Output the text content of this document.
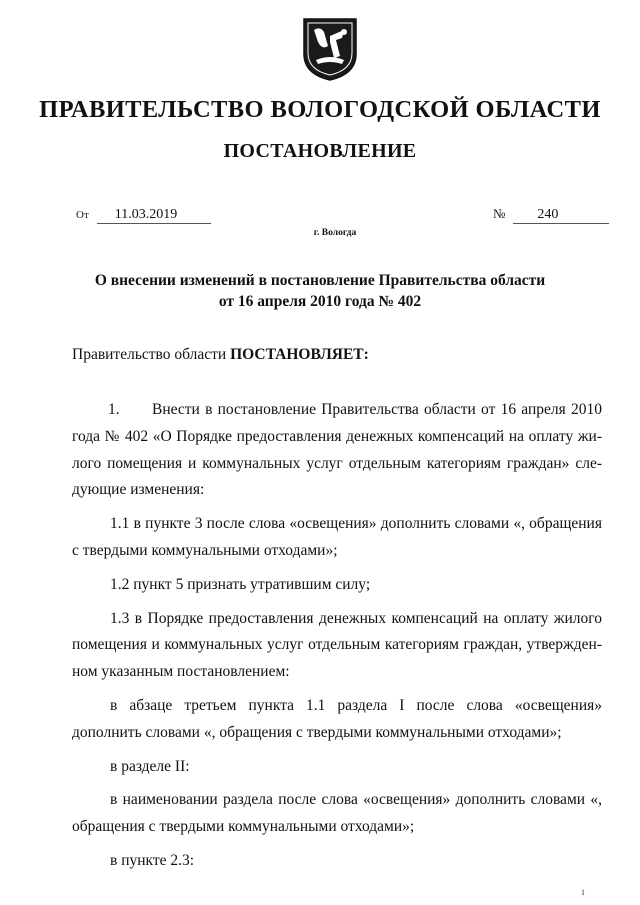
ПРАВИТЕЛЬСТВО ВОЛОГОДСКОЙ ОБЛАСТИ
ПОСТАНОВЛЕНИЕ
От 11.03.2019	№ 240
г. Вологда
О внесении изменений в постановление Правительства области
от 16 апреля 2010 года № 402
Правительство области ПОСТАНОВЛЯЕТ:

1. Внести в постановление Правительства области от 16 апреля 2010 года № 402 «О Порядке предоставления денежных компенсаций на оплату жилого помещения и коммунальных услуг отдельным категориям граждан» следующие изменения:

1.1 в пункте 3 после слова «освещения» дополнить словами «, обращения с твердыми коммунальными отходами»;

1.2 пункт 5 признать утратившим силу;

1.3 в Порядке предоставления денежных компенсаций на оплату жилого помещения и коммунальных услуг отдельным категориям граждан, утвержденном указанным постановлением:

в абзаце третьем пункта 1.1 раздела I после слова «освещения» дополнить словами «, обращения с твердыми коммунальными отходами»;

в разделе II:

в наименовании раздела после слова «освещения» дополнить словами «, обращения с твердыми коммунальными отходами»;

в пункте 2.3:

1
